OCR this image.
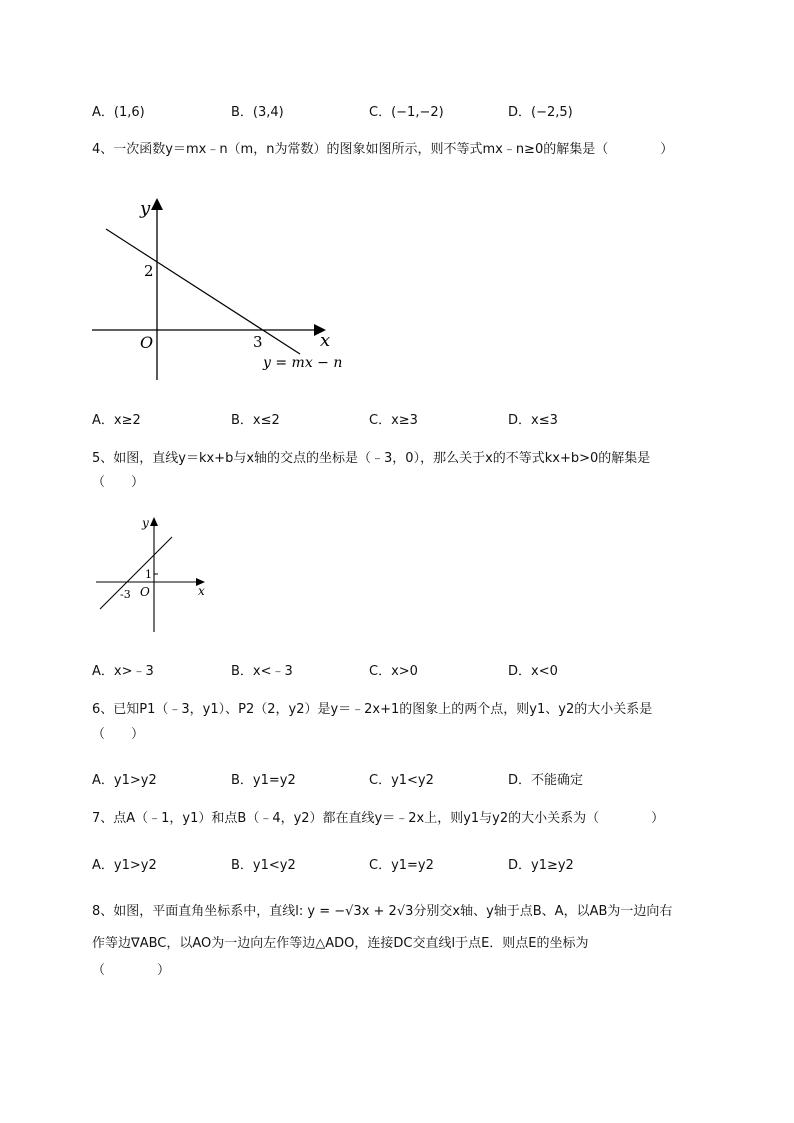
A．(1,6)	B．(3,4)	C．(−1,−2)	D．(−2,5)
4、一次函数y＝mx﹣n（m，n为常数）的图象如图所示，则不等式mx﹣n≥0的解集是（　　　　）
y
x
O
2
3
y = mx − n
A．x≥2	B．x≤2	C．x≥3	D．x≤3
5、如图，直线y＝kx+b与x轴的交点的坐标是（﹣3，0），那么关于x的不等式kx+b>0的解集是
（　　）
y
x
O
1
-3
A．x>﹣3	B．x<﹣3	C．x>0	D．x<0
6、已知P1（﹣3，y1）、P2（2，y2）是y＝﹣2x+1的图象上的两个点，则y1、y2的大小关系是
（　　）
A．y1>y2	B．y1=y2	C．y1<y2	D．不能确定
7、点A（﹣1，y1）和点B（﹣4，y2）都在直线y＝﹣2x上，则y1与y2的大小关系为（　　　　）
A．y1>y2	B．y1<y2	C．y1=y2	D．y1≥y2
8、如图，平面直角坐标系中，直线l: y = −√3x + 2√3分别交x轴、y轴于点B、A，以AB为一边向右
作等边∇ABC，以AO为一边向左作等边△ADO，连接DC交直线l于点E．则点E的坐标为
（　　　　）
